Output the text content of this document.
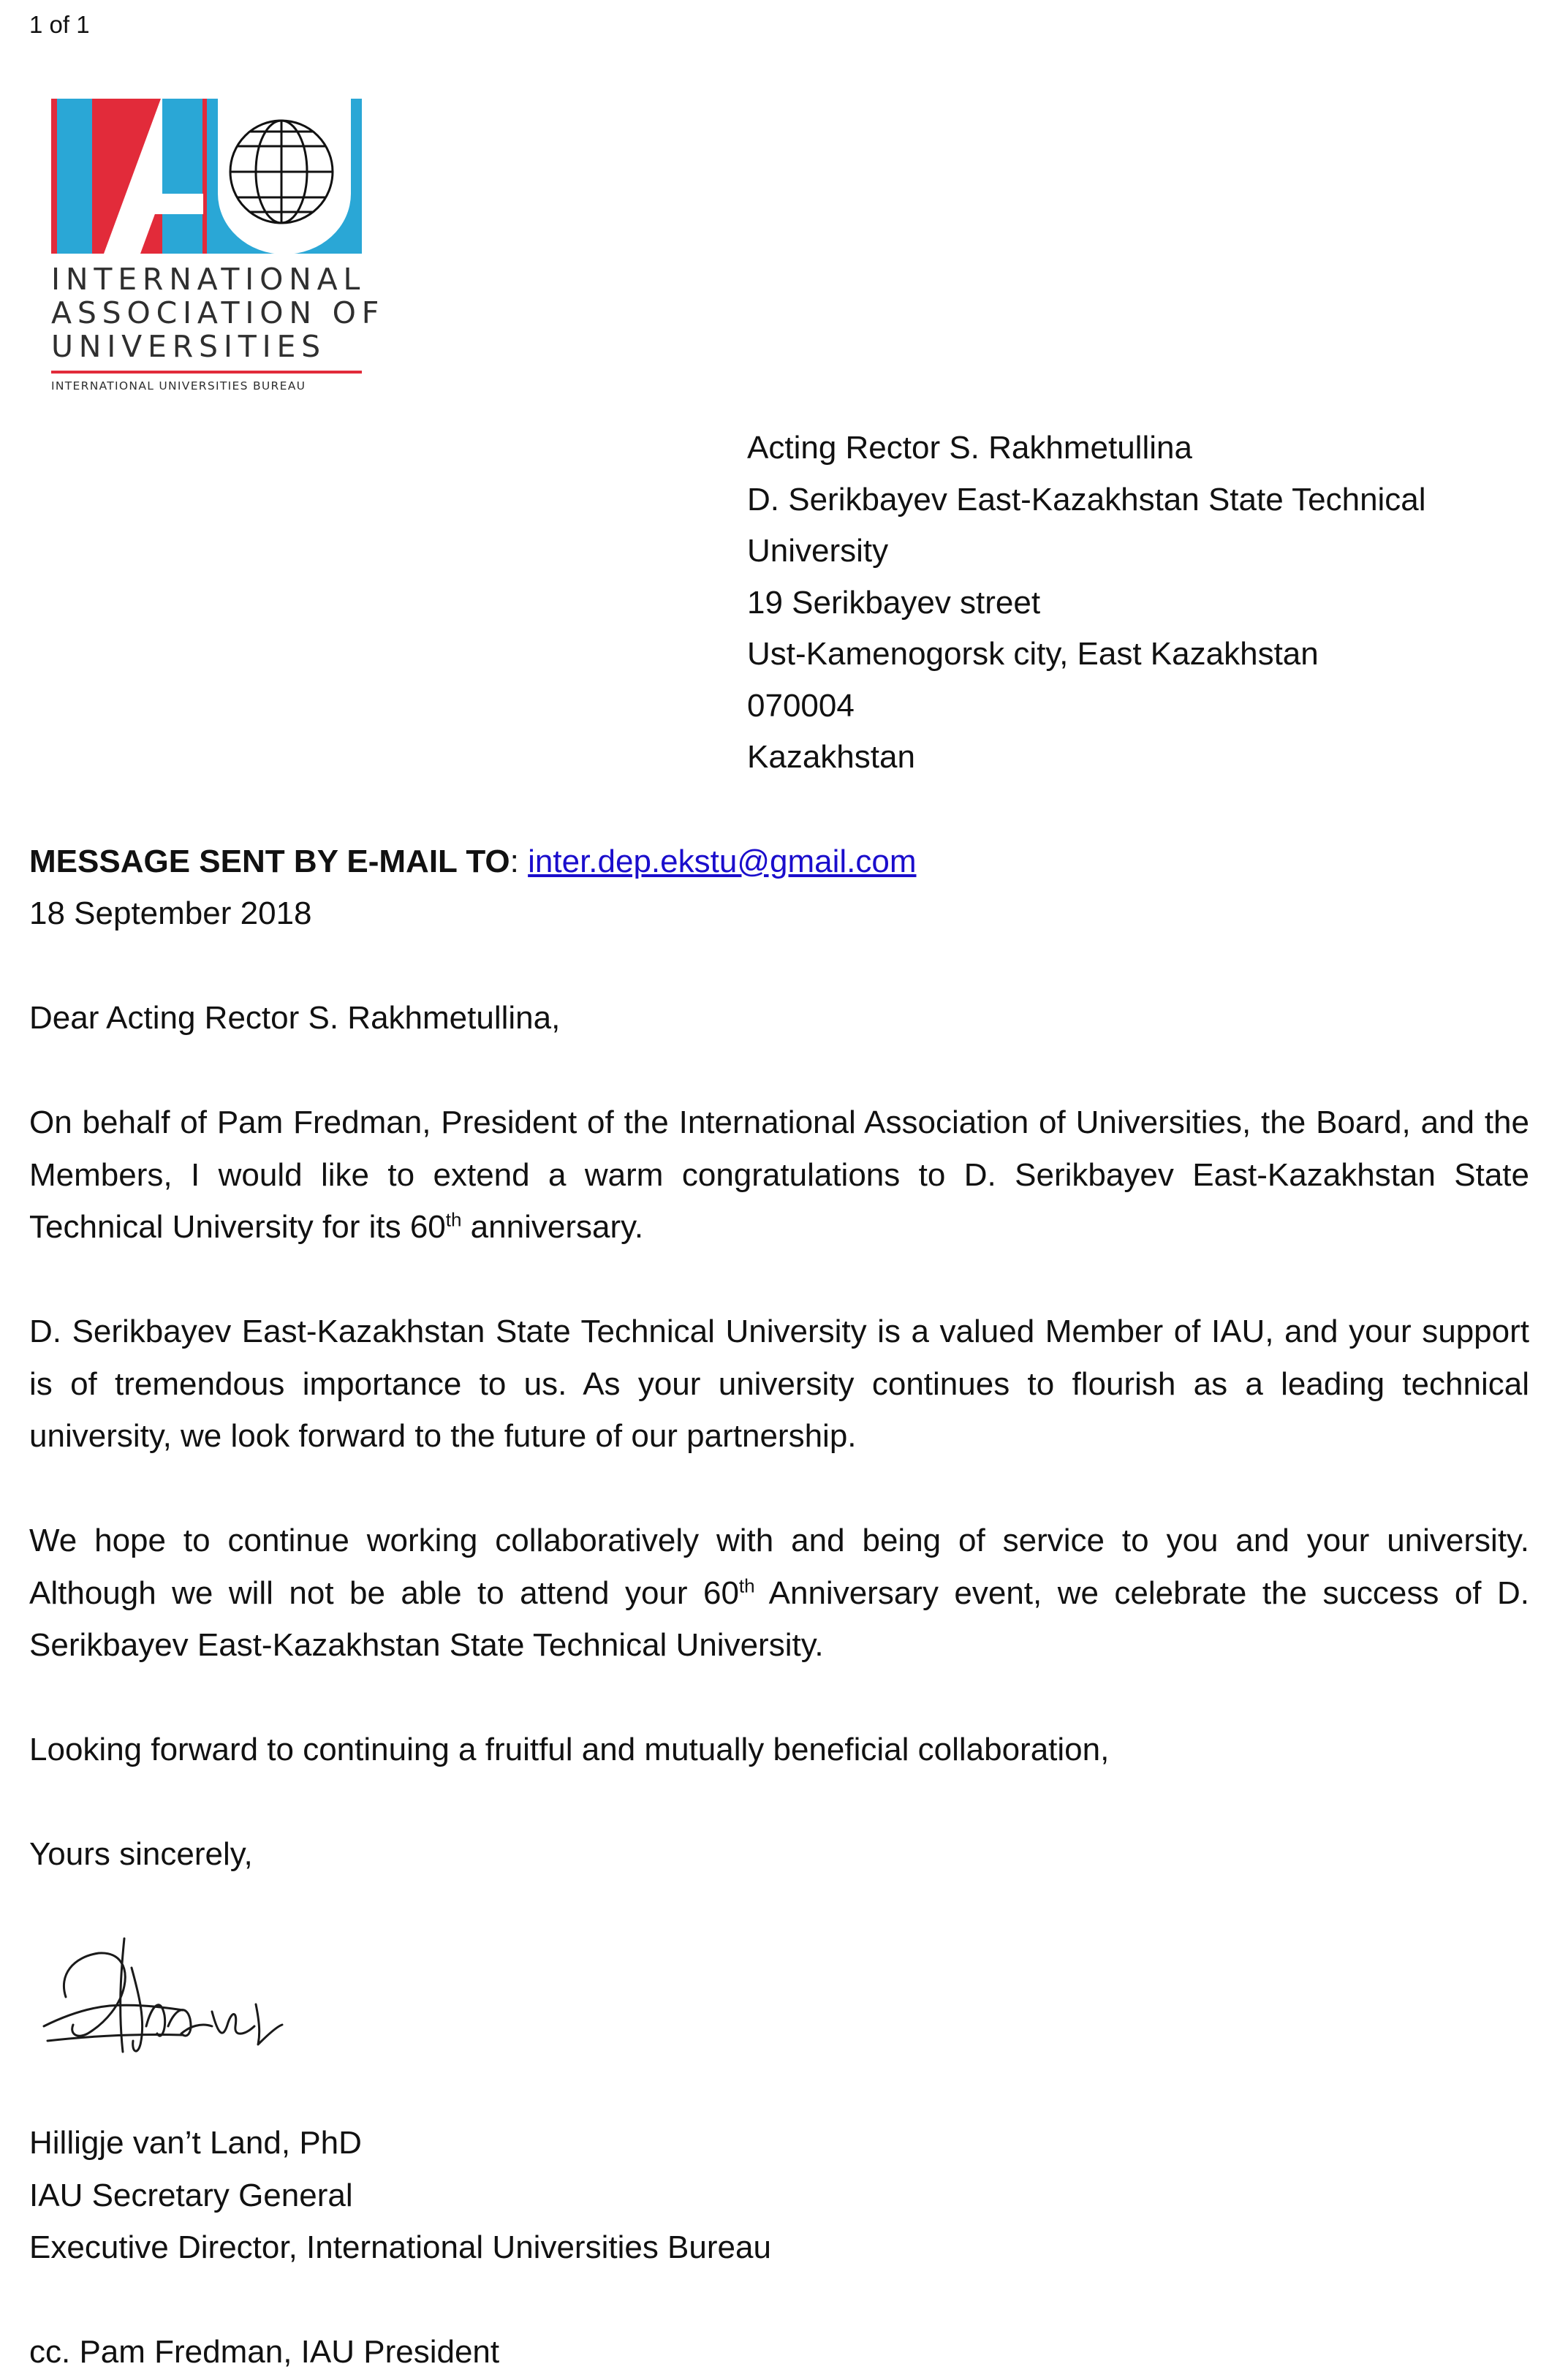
1 of 1
INTERNATIONAL
ASSOCIATION OF
UNIVERSITIES
INTERNATIONAL UNIVERSITIES BUREAU
Acting Rector S. Rakhmetullina
D. Serikbayev East-Kazakhstan State Technical
University
19 Serikbayev street
Ust-Kamenogorsk city, East Kazakhstan
070004
Kazakhstan
MESSAGE SENT BY E-MAIL TO: inter.dep.ekstu@gmail.com
18 September 2018
Dear Acting Rector S. Rakhmetullina,
On behalf of Pam Fredman, President of the International Association of Universities, the Board, and the Members, I would like to extend a warm congratulations to D. Serikbayev East-Kazakhstan State Technical University for its 60th anniversary.
D. Serikbayev East-Kazakhstan State Technical University is a valued Member of IAU, and your support is of tremendous importance to us. As your university continues to flourish as a leading technical university, we look forward to the future of our partnership.
We hope to continue working collaboratively with and being of service to you and your university. Although we will not be able to attend your 60th Anniversary event, we celebrate the success of D. Serikbayev East-Kazakhstan State Technical University.
Looking forward to continuing a fruitful and mutually beneficial collaboration,
Yours sincerely,
Hilligje van’t Land, PhD
IAU Secretary General
Executive Director, International Universities Bureau
cc. Pam Fredman, IAU President
